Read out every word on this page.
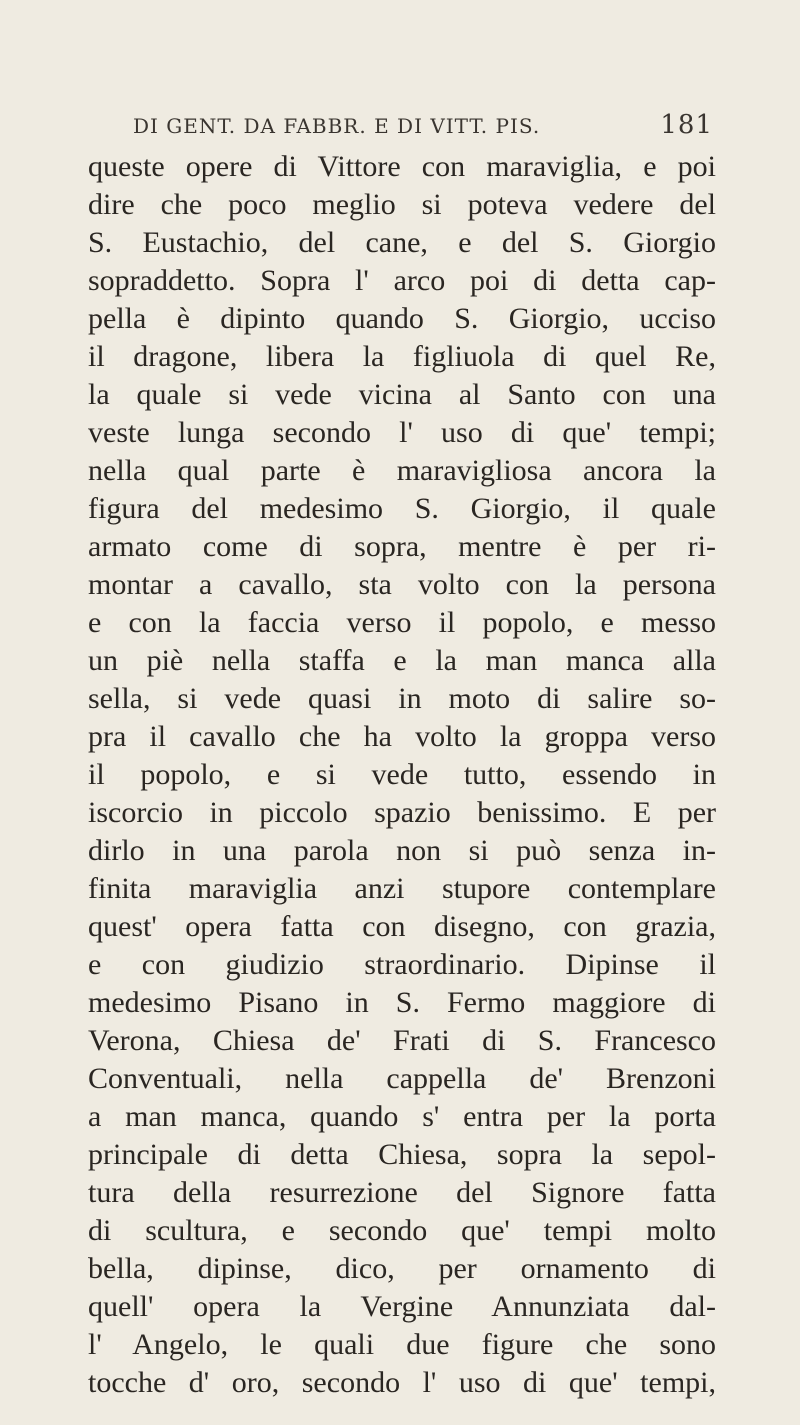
DI GENT. DA FABBR. E DI VITT. PIS.	181
queste opere di Vittore con maraviglia, e poi
dire che poco meglio si poteva vedere del
S. Eustachio, del cane, e del S. Giorgio
sopraddetto. Sopra l' arco poi di detta cap-
pella è dipinto quando S. Giorgio, ucciso
il dragone, libera la figliuola di quel Re,
la quale si vede vicina al Santo con una
veste lunga secondo l' uso di que' tempi;
nella qual parte è maravigliosa ancora la
figura del medesimo S. Giorgio, il quale
armato come di sopra, mentre è per ri-
montar a cavallo, sta volto con la persona
e con la faccia verso il popolo, e messo
un piè nella staffa e la man manca alla
sella, si vede quasi in moto di salire so-
pra il cavallo che ha volto la groppa verso
il popolo, e si vede tutto, essendo in
iscorcio in piccolo spazio benissimo. E per
dirlo in una parola non si può senza in-
finita maraviglia anzi stupore contemplare
quest' opera fatta con disegno, con grazia,
e con giudizio straordinario. Dipinse il
medesimo Pisano in S. Fermo maggiore di
Verona, Chiesa de' Frati di S. Francesco
Conventuali, nella cappella de' Brenzoni
a man manca, quando s' entra per la porta
principale di detta Chiesa, sopra la sepol-
tura della resurrezione del Signore fatta
di scultura, e secondo que' tempi molto
bella, dipinse, dico, per ornamento di
quell' opera la Vergine Annunziata dal-
l' Angelo, le quali due figure che sono
tocche d' oro, secondo l' uso di que' tempi,
